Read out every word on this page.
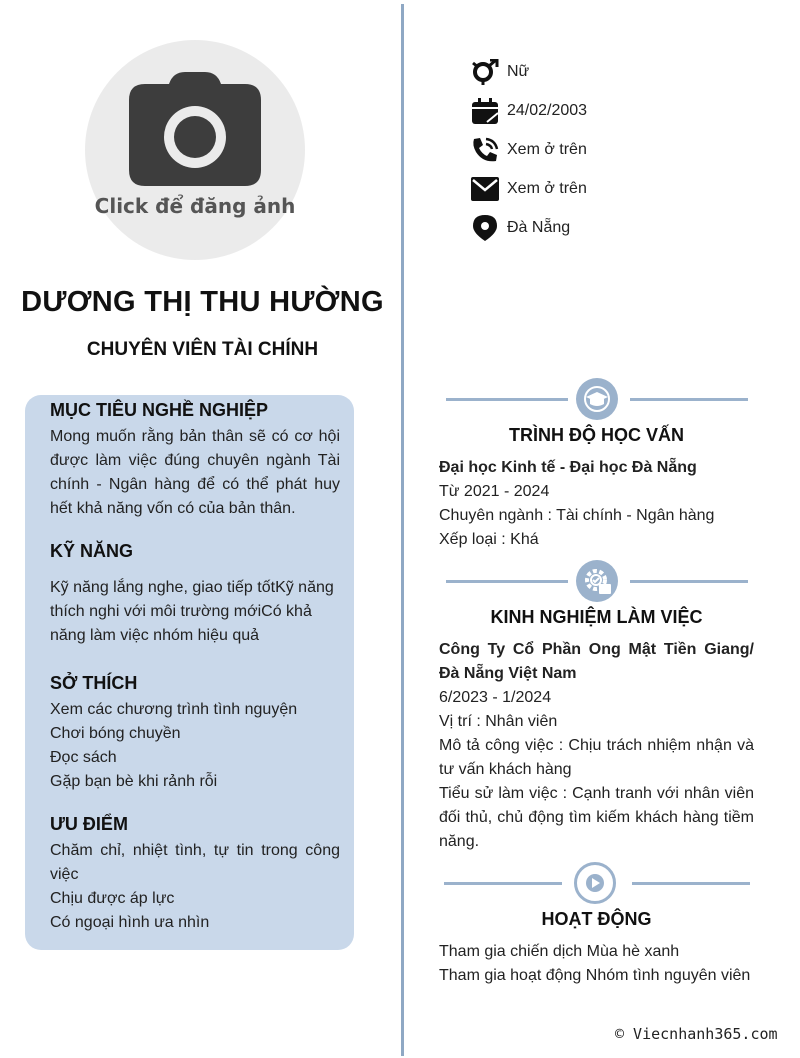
Click để đăng ảnh
DƯƠNG THỊ THU HƯỜNG
CHUYÊN VIÊN TÀI CHÍNH
Nữ
24/02/2003
Xem ở trên
Xem ở trên
Đà Nẵng
MỤC TIÊU NGHỀ NGHIỆP
Mong muốn rằng bản thân sẽ có cơ hội được làm việc đúng chuyên ngành Tài chính - Ngân hàng để có thể phát huy hết khả năng vốn có của bản thân.
KỸ NĂNG
Kỹ năng lắng nghe, giao tiếp tốtKỹ năng thích nghi với môi trường mớiCó khả năng làm việc nhóm hiệu quả
SỞ THÍCH
Xem các chương trình tình nguyện
Chơi bóng chuyền
Đọc sách
Gặp bạn bè khi rảnh rỗi
ƯU ĐIỂM
Chăm chỉ, nhiệt tình, tự tin trong công việc
Chịu được áp lực
Có ngoại hình ưa nhìn
TRÌNH ĐỘ HỌC VẤN
Đại học Kinh tế - Đại học Đà Nẵng
Từ 2021 - 2024
Chuyên ngành : Tài chính - Ngân hàng
Xếp loại : Khá
KINH NGHIỆM LÀM VIỆC
Công Ty Cổ Phần Ong Mật Tiền Giang/ Đà Nẵng Việt Nam
6/2023 - 1/2024
Vị trí : Nhân viên
Mô tả công việc : Chịu trách nhiệm nhận và tư vấn khách hàng
Tiểu sử làm việc : Cạnh tranh với nhân viên đối thủ, chủ động tìm kiếm khách hàng tiềm năng.
HOẠT ĐỘNG
Tham gia chiến dịch Mùa hè xanh
Tham gia hoạt động Nhóm tình nguyên viên
© Viecnhanh365.com
